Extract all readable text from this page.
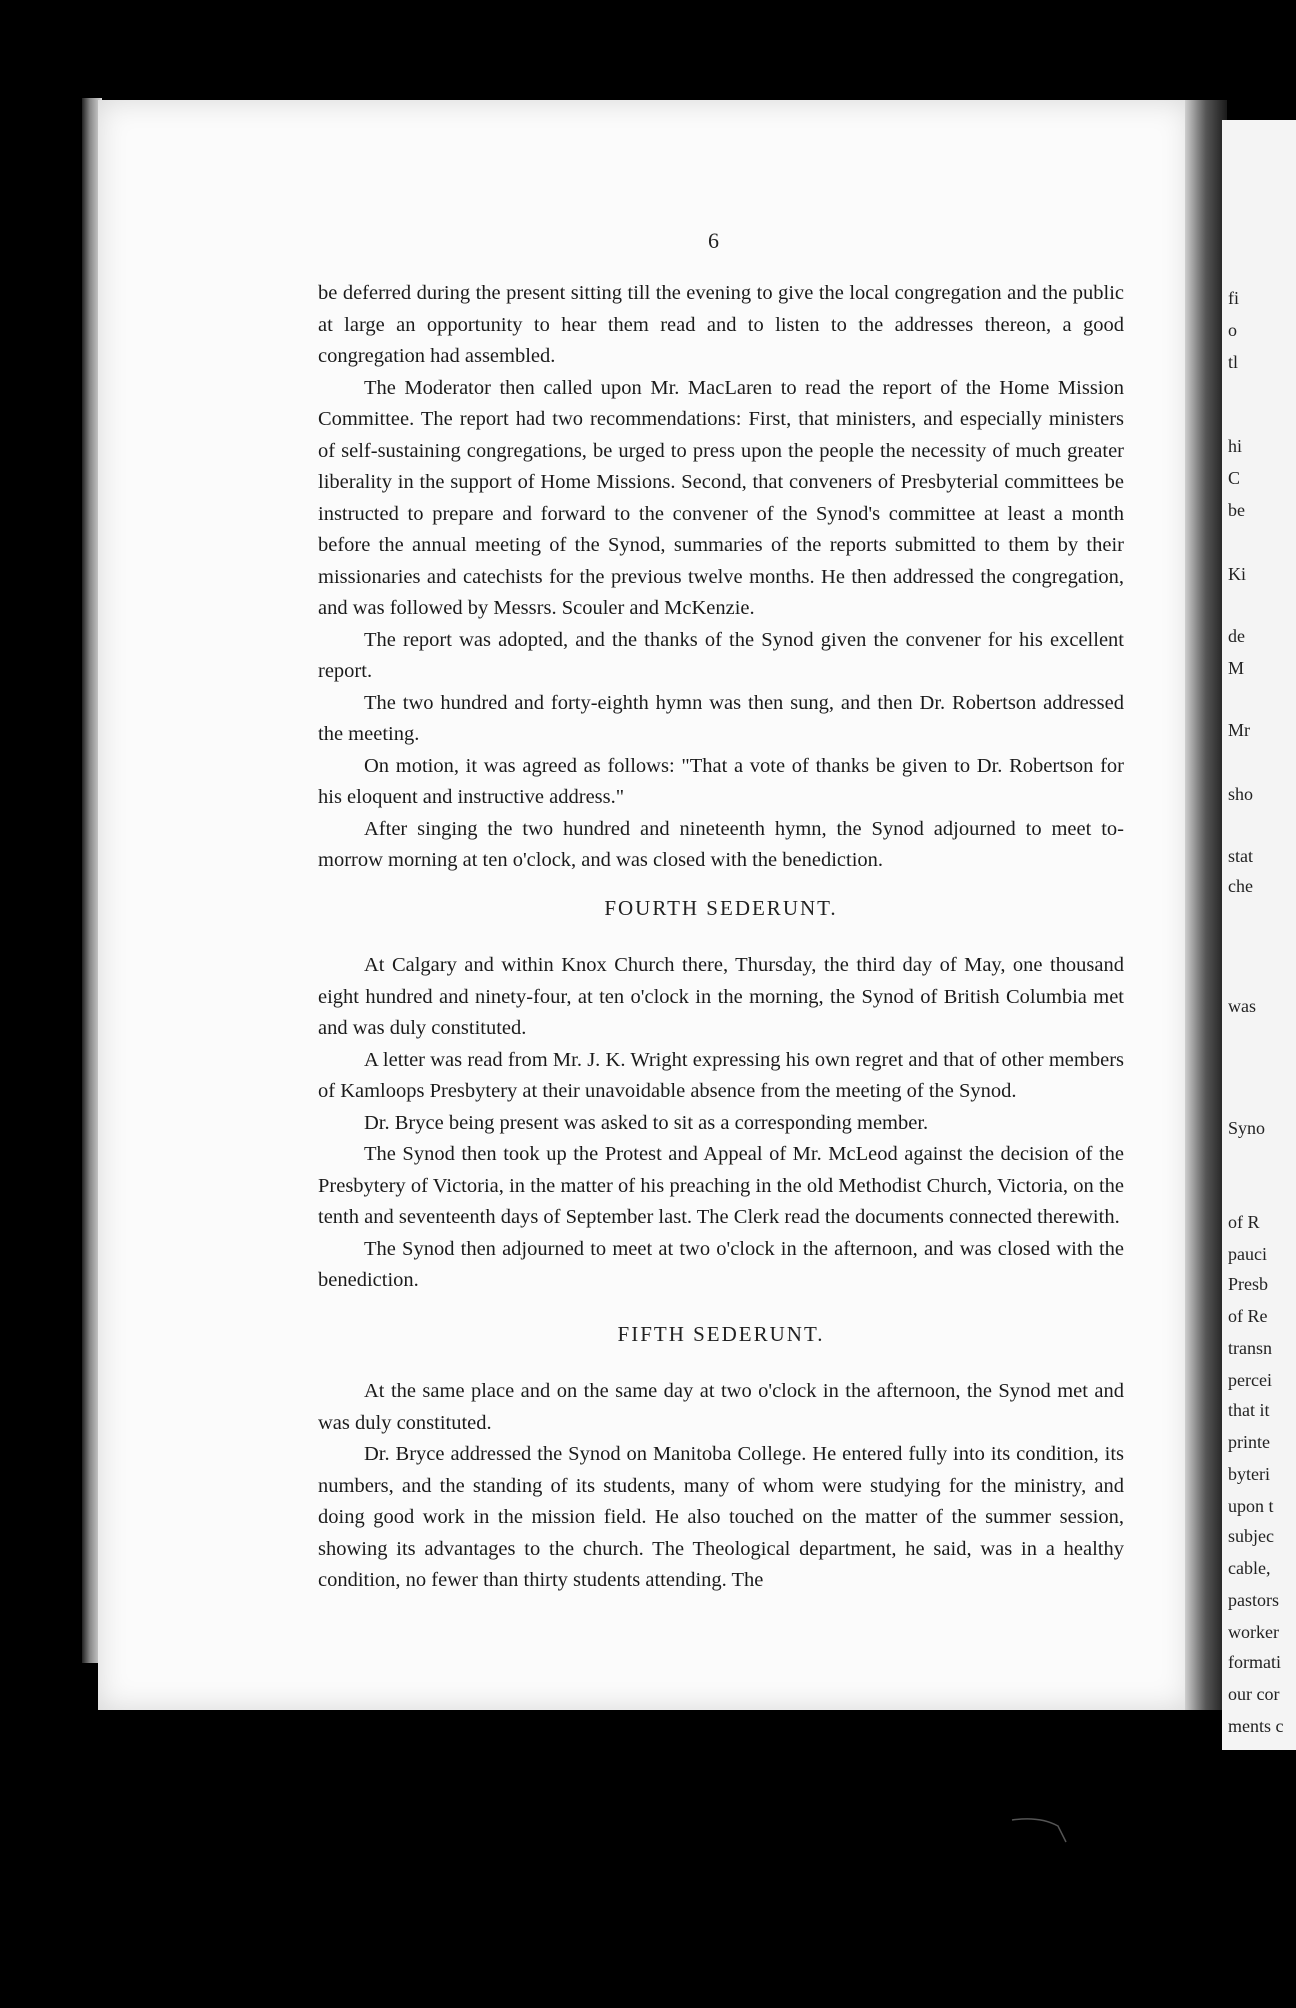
fi
o
tl
hi
C
be
Ki
de
M
Mr
sho
stat
che
was
Syno
of R
pauci
Presb
of Re
transn
percei
that it
printe
byteri
upon t
subjec
cable,
pastors
worker
formati
our cor
ments c
6

be deferred during the present sitting till the evening to give the local congregation and the public at large an opportunity to hear them read and to listen to the addresses thereon, a good congregation had assembled.

The Moderator then called upon Mr. MacLaren to read the report of the Home Mission Committee. The report had two recommendations: First, that ministers, and especially ministers of self-sustaining congregations, be urged to press upon the people the necessity of much greater liberality in the support of Home Missions. Second, that conveners of Presbyterial committees be instructed to prepare and forward to the convener of the Synod's committee at least a month before the annual meeting of the Synod, summaries of the reports submitted to them by their missionaries and catechists for the previous twelve months. He then addressed the congregation, and was followed by Messrs. Scouler and McKenzie.

The report was adopted, and the thanks of the Synod given the convener for his excellent report.

The two hundred and forty-eighth hymn was then sung, and then Dr. Robertson addressed the meeting.

On motion, it was agreed as follows: "That a vote of thanks be given to Dr. Robertson for his eloquent and instructive address."

After singing the two hundred and nineteenth hymn, the Synod adjourned to meet to-morrow morning at ten o'clock, and was closed with the benediction.

FOURTH SEDERUNT.

At Calgary and within Knox Church there, Thursday, the third day of May, one thousand eight hundred and ninety-four, at ten o'clock in the morning, the Synod of British Columbia met and was duly constituted.

A letter was read from Mr. J. K. Wright expressing his own regret and that of other members of Kamloops Presbytery at their unavoidable absence from the meeting of the Synod.

Dr. Bryce being present was asked to sit as a corresponding member.

The Synod then took up the Protest and Appeal of Mr. McLeod against the decision of the Presbytery of Victoria, in the matter of his preaching in the old Methodist Church, Victoria, on the tenth and seventeenth days of September last. The Clerk read the documents connected therewith.

The Synod then adjourned to meet at two o'clock in the afternoon, and was closed with the benediction.

FIFTH SEDERUNT.

At the same place and on the same day at two o'clock in the afternoon, the Synod met and was duly constituted.

Dr. Bryce addressed the Synod on Manitoba College. He entered fully into its condition, its numbers, and the standing of its students, many of whom were studying for the ministry, and doing good work in the mission field. He also touched on the matter of the summer session, showing its advantages to the church. The Theological department, he said, was in a healthy condition, no fewer than thirty students attending. The
